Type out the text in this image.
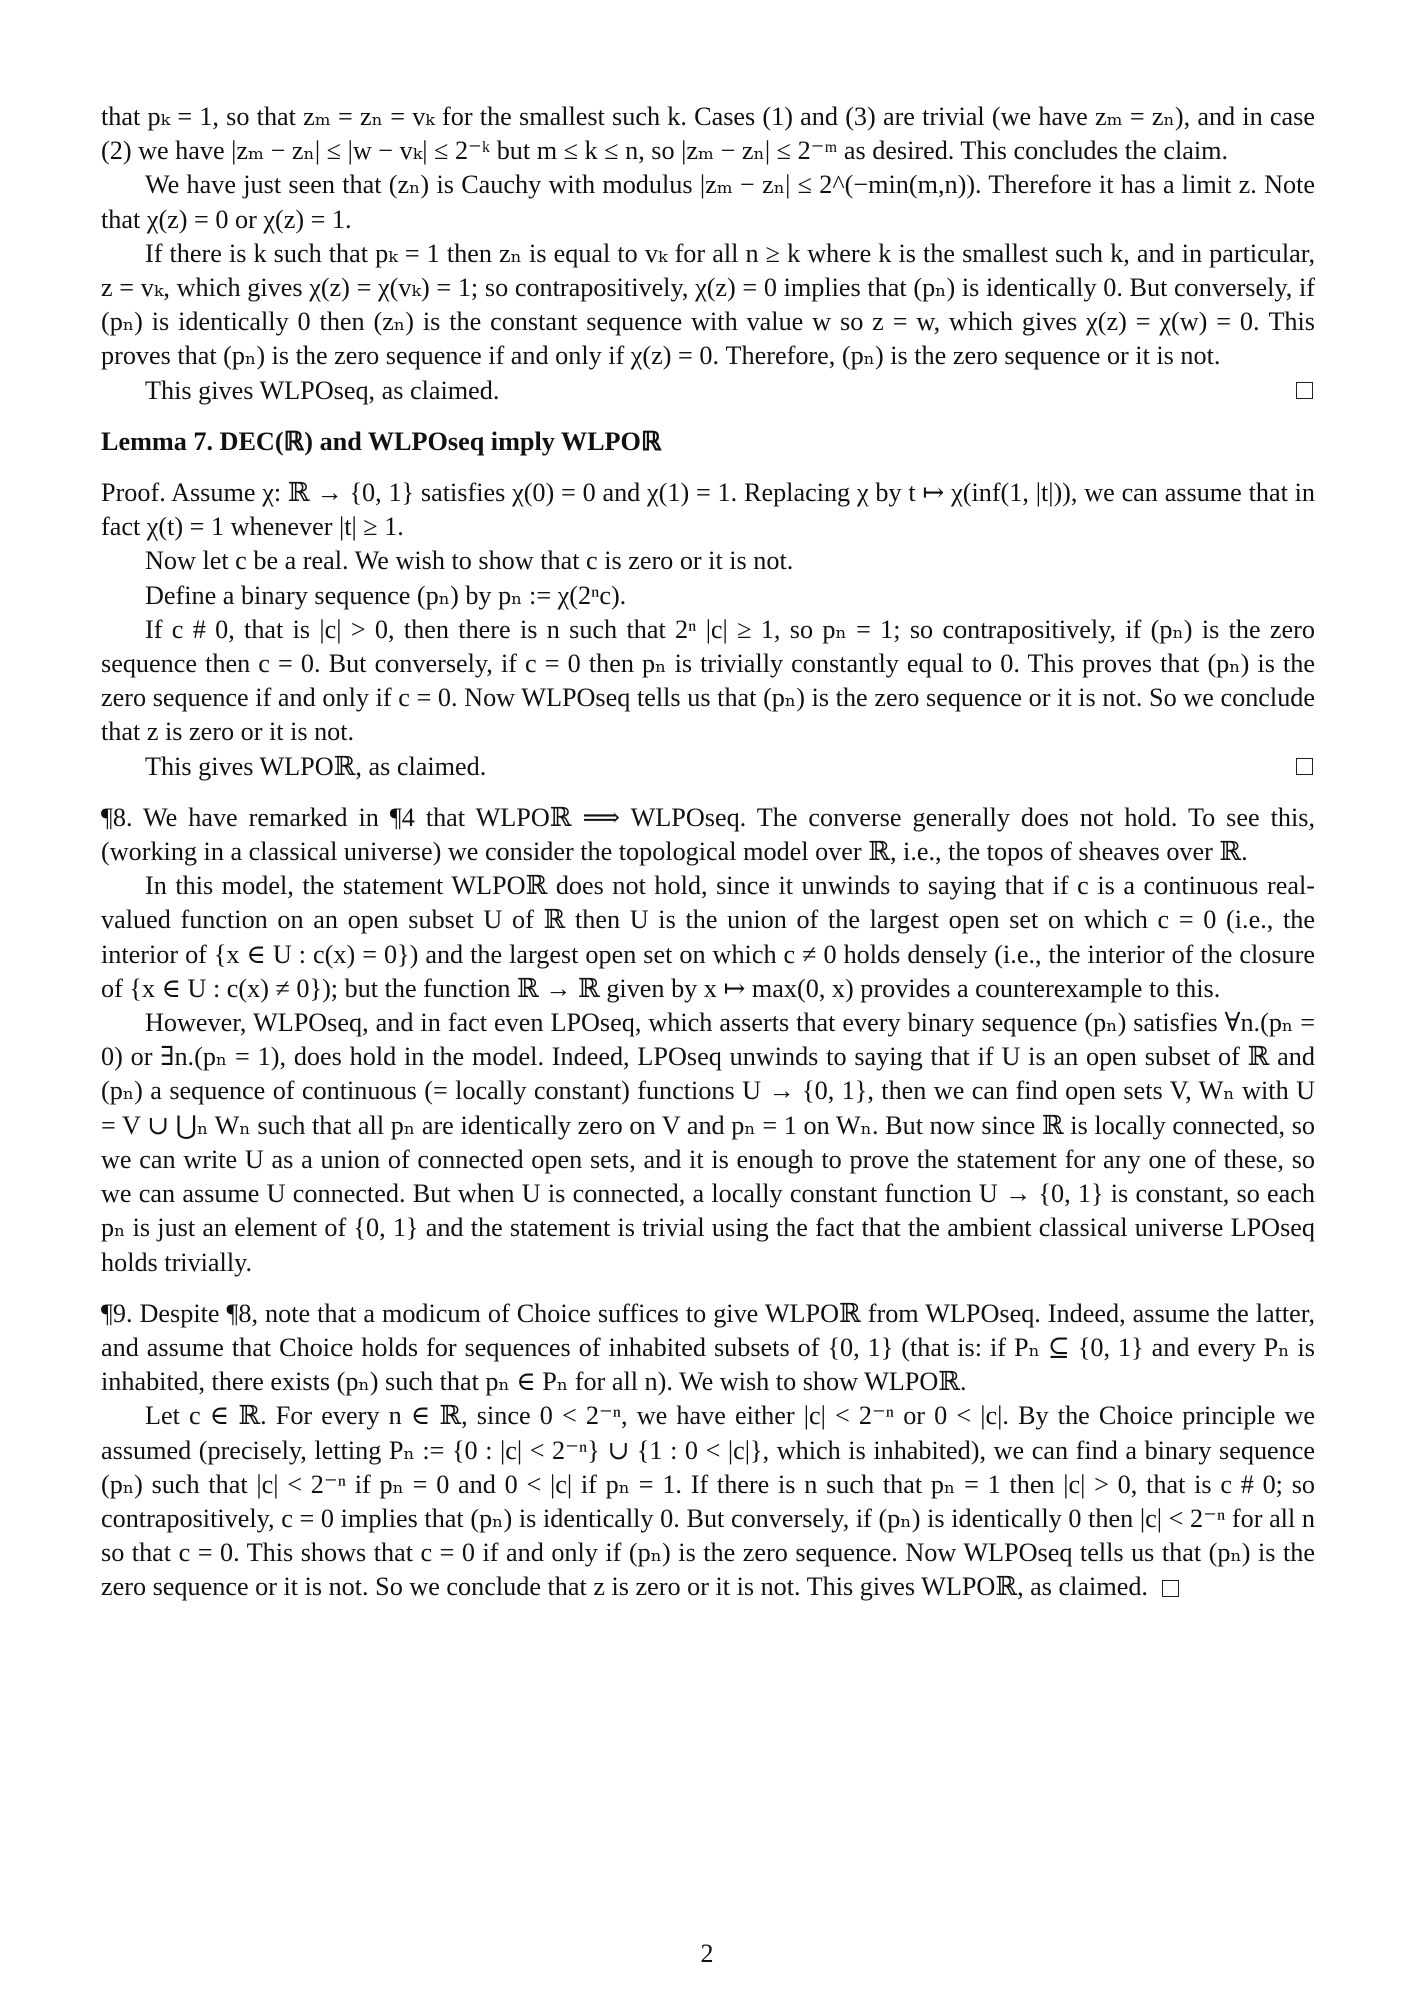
that pₖ = 1, so that zₘ = zₙ = vₖ for the smallest such k. Cases (1) and (3) are trivial (we have zₘ = zₙ), and in case (2) we have |zₘ − zₙ| ≤ |w − vₖ| ≤ 2⁻ᵏ but m ≤ k ≤ n, so |zₘ − zₙ| ≤ 2⁻ᵐ as desired. This concludes the claim.

We have just seen that (zₙ) is Cauchy with modulus |zₘ − zₙ| ≤ 2^(−min(m,n)). Therefore it has a limit z. Note that χ(z) = 0 or χ(z) = 1.

If there is k such that pₖ = 1 then zₙ is equal to vₖ for all n ≥ k where k is the smallest such k, and in particular, z = vₖ, which gives χ(z) = χ(vₖ) = 1; so contrapositively, χ(z) = 0 implies that (pₙ) is identically 0. But conversely, if (pₙ) is identically 0 then (zₙ) is the constant sequence with value w so z = w, which gives χ(z) = χ(w) = 0. This proves that (pₙ) is the zero sequence if and only if χ(z) = 0. Therefore, (pₙ) is the zero sequence or it is not.

This gives WLPOseq, as claimed.

Lemma 7. DEC(ℝ) and WLPOseq imply WLPOℝ

Proof. Assume χ: ℝ → {0, 1} satisfies χ(0) = 0 and χ(1) = 1. Replacing χ by t ↦ χ(inf(1, |t|)), we can assume that in fact χ(t) = 1 whenever |t| ≥ 1.

Now let c be a real. We wish to show that c is zero or it is not.

Define a binary sequence (pₙ) by pₙ := χ(2ⁿc).

If c # 0, that is |c| > 0, then there is n such that 2ⁿ |c| ≥ 1, so pₙ = 1; so contrapositively, if (pₙ) is the zero sequence then c = 0. But conversely, if c = 0 then pₙ is trivially constantly equal to 0. This proves that (pₙ) is the zero sequence if and only if c = 0. Now WLPOseq tells us that (pₙ) is the zero sequence or it is not. So we conclude that z is zero or it is not.

This gives WLPOℝ, as claimed.

¶8. We have remarked in ¶4 that WLPOℝ ⟹ WLPOseq. The converse generally does not hold. To see this, (working in a classical universe) we consider the topological model over ℝ, i.e., the topos of sheaves over ℝ.

In this model, the statement WLPOℝ does not hold, since it unwinds to saying that if c is a continuous real-valued function on an open subset U of ℝ then U is the union of the largest open set on which c = 0 (i.e., the interior of {x ∈ U : c(x) = 0}) and the largest open set on which c ≠ 0 holds densely (i.e., the interior of the closure of {x ∈ U : c(x) ≠ 0}); but the function ℝ → ℝ given by x ↦ max(0, x) provides a counterexample to this.

However, WLPOseq, and in fact even LPOseq, which asserts that every binary sequence (pₙ) satisfies ∀n.(pₙ = 0) or ∃n.(pₙ = 1), does hold in the model. Indeed, LPOseq unwinds to saying that if U is an open subset of ℝ and (pₙ) a sequence of continuous (= locally constant) functions U → {0, 1}, then we can find open sets V, Wₙ with U = V ∪ ⋃ₙ Wₙ such that all pₙ are identically zero on V and pₙ = 1 on Wₙ. But now since ℝ is locally connected, so we can write U as a union of connected open sets, and it is enough to prove the statement for any one of these, so we can assume U connected. But when U is connected, a locally constant function U → {0, 1} is constant, so each pₙ is just an element of {0, 1} and the statement is trivial using the fact that the ambient classical universe LPOseq holds trivially.

¶9. Despite ¶8, note that a modicum of Choice suffices to give WLPOℝ from WLPOseq. Indeed, assume the latter, and assume that Choice holds for sequences of inhabited subsets of {0, 1} (that is: if Pₙ ⊆ {0, 1} and every Pₙ is inhabited, there exists (pₙ) such that pₙ ∈ Pₙ for all n). We wish to show WLPOℝ.

Let c ∈ ℝ. For every n ∈ ℝ, since 0 < 2⁻ⁿ, we have either |c| < 2⁻ⁿ or 0 < |c|. By the Choice principle we assumed (precisely, letting Pₙ := {0 : |c| < 2⁻ⁿ} ∪ {1 : 0 < |c|}, which is inhabited), we can find a binary sequence (pₙ) such that |c| < 2⁻ⁿ if pₙ = 0 and 0 < |c| if pₙ = 1. If there is n such that pₙ = 1 then |c| > 0, that is c # 0; so contrapositively, c = 0 implies that (pₙ) is identically 0. But conversely, if (pₙ) is identically 0 then |c| < 2⁻ⁿ for all n so that c = 0. This shows that c = 0 if and only if (pₙ) is the zero sequence. Now WLPOseq tells us that (pₙ) is the zero sequence or it is not. So we conclude that z is zero or it is not. This gives WLPOℝ, as claimed.

2
